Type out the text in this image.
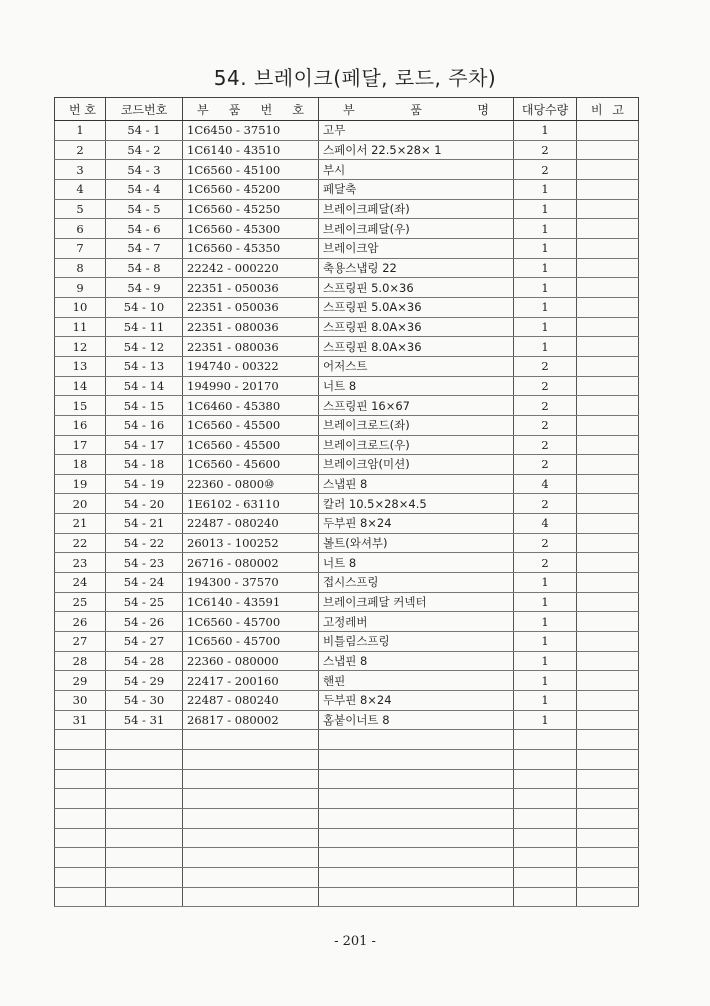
54. 브레이크(페달, 로드, 주차)
번 호	코드번호	부 품 번 호	부 품 명	대당수량	비 고
1	54 - 1	1C6450 - 37510	고무	1	
2	54 - 2	1C6140 - 43510	스페이서 22.5×28× 1	2	
3	54 - 3	1C6560 - 45100	부시	2	
4	54 - 4	1C6560 - 45200	페달축	1	
5	54 - 5	1C6560 - 45250	브레이크페달(좌)	1	
6	54 - 6	1C6560 - 45300	브레이크페달(우)	1	
7	54 - 7	1C6560 - 45350	브레이크암	1	
8	54 - 8	22242 - 000220	축용스냅링 22	1	
9	54 - 9	22351 - 050036	스프링핀 5.0×36	1	
10	54 - 10	22351 - 050036	스프링핀 5.0A×36	1	
11	54 - 11	22351 - 080036	스프링핀 8.0A×36	1	
12	54 - 12	22351 - 080036	스프링핀 8.0A×36	1	
13	54 - 13	194740 - 00322	어저스트	2	
14	54 - 14	194990 - 20170	너트 8	2	
15	54 - 15	1C6460 - 45380	스프링핀 16×67	2	
16	54 - 16	1C6560 - 45500	브레이크로드(좌)	2	
17	54 - 17	1C6560 - 45500	브레이크로드(우)	2	
18	54 - 18	1C6560 - 45600	브레이크암(미션)	2	
19	54 - 19	22360 - 0800⑩	스냅핀 8	4	
20	54 - 20	1E6102 - 63110	칼러 10.5×28×4.5	2	
21	54 - 21	22487 - 080240	두부핀 8×24	4	
22	54 - 22	26013 - 100252	볼트(와셔부)	2	
23	54 - 23	26716 - 080002	너트 8	2	
24	54 - 24	194300 - 37570	접시스프링	1	
25	54 - 25	1C6140 - 43591	브레이크페달 커넥터	1	
26	54 - 26	1C6560 - 45700	고정레버	1	
27	54 - 27	1C6560 - 45700	비틀림스프링	1	
28	54 - 28	22360 - 080000	스냅핀 8	1	
29	54 - 29	22417 - 200160	핸핀	1	
30	54 - 30	22487 - 080240	두부핀 8×24	1	
31	54 - 31	26817 - 080002	홈붙이너트 8	1	

- 201 -
